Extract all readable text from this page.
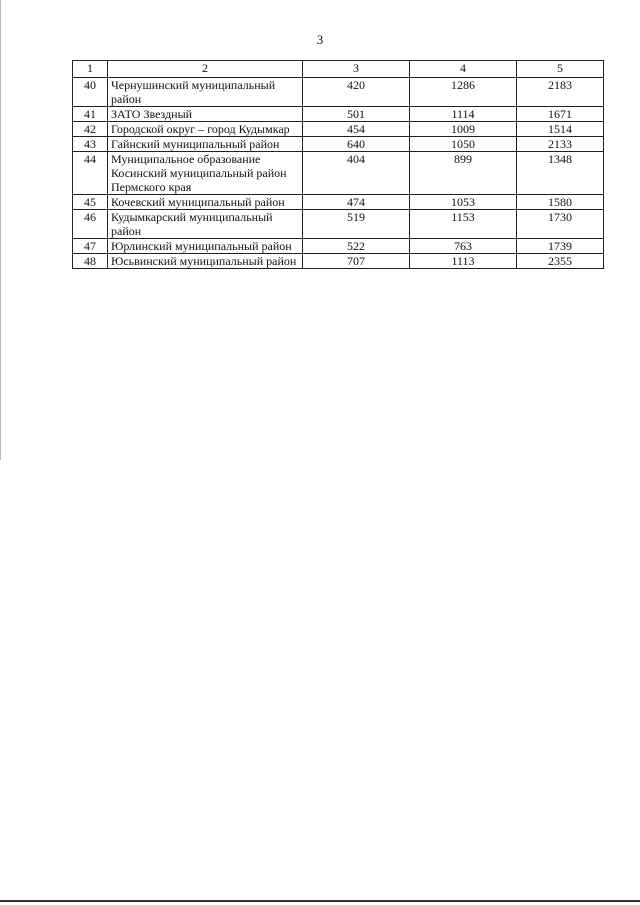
3
1	2	3	4	5
40	Чернушинский муниципальный район	420	1286	2183
41	ЗАТО Звездный	501	1114	1671
42	Городской округ – город Кудымкар	454	1009	1514
43	Гайнский муниципальный район	640	1050	2133
44	Муниципальное образование Косинский муниципальный район Пермского края	404	899	1348
45	Кочевский муниципальный район	474	1053	1580
46	Кудымкарский муниципальный район	519	1153	1730
47	Юрлинский муниципальный район	522	763	1739
48	Юсьвинский муниципальный район	707	1113	2355
